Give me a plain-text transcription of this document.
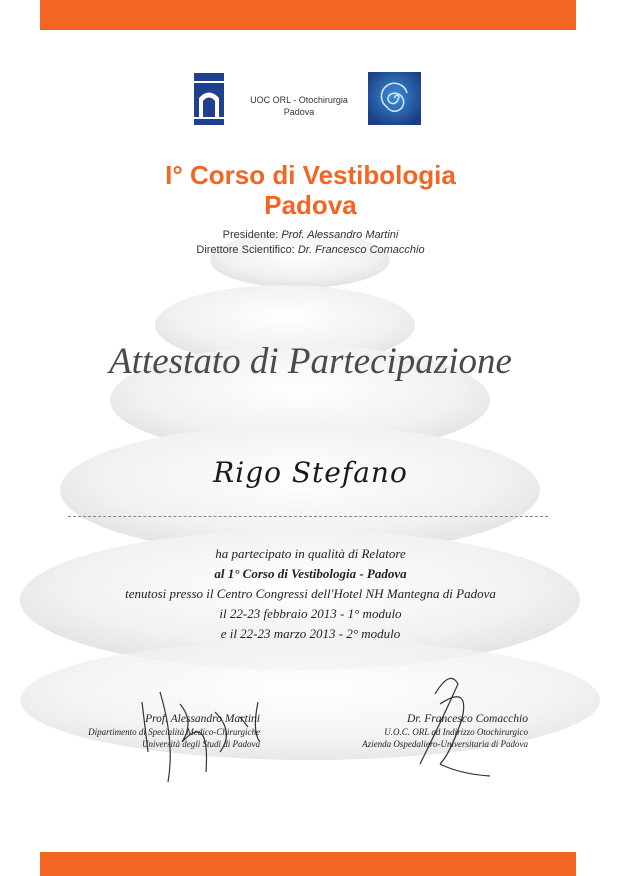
UOC ORL - Otochirurgia
Padova
I° Corso di Vestibologia
Padova
Presidente: Prof. Alessandro Martini
Direttore Scientifico: Dr. Francesco Comacchio
Attestato di Partecipazione
Rigo Stefano
ha partecipato in qualità di Relatore
al 1° Corso di Vestibologia - Padova
tenutosi presso il Centro Congressi dell'Hotel NH Mantegna di Padova
il 22-23 febbraio 2013 - 1° modulo
e il 22-23 marzo 2013 - 2° modulo
Prof. Alessandro Martini
Dipartimento di Specialità Medico-Chirurgiche
Università degli Studi di Padova
Dr. Francesco Comacchio
U.O.C. ORL ad Indirizzo Otochirurgico
Azienda Ospedaliero-Universitaria di Padova
